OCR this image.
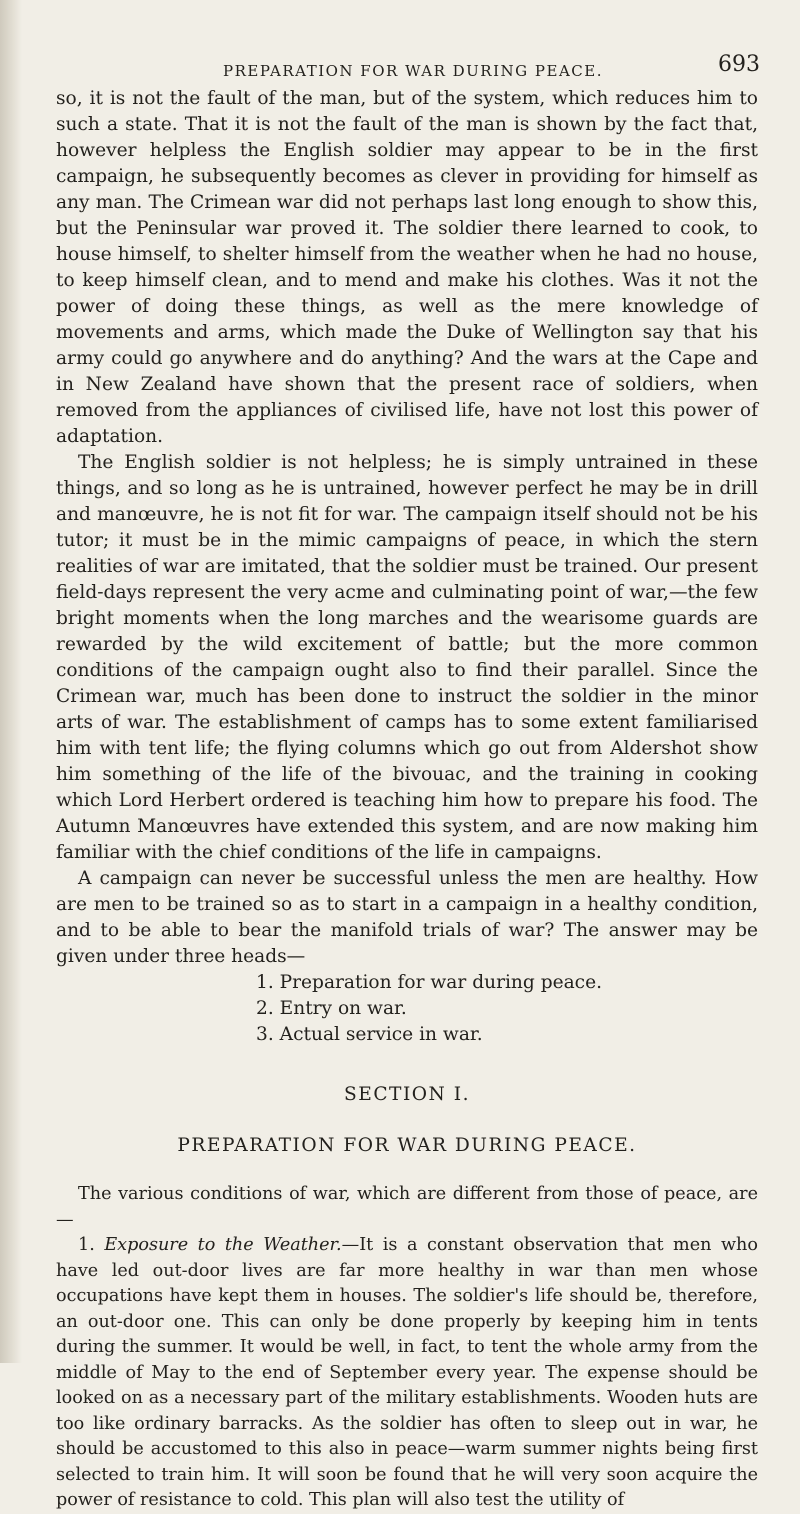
PREPARATION FOR WAR DURING PEACE.	693

so, it is not the fault of the man, but of the system, which reduces him to such a state. That it is not the fault of the man is shown by the fact that, however helpless the English soldier may appear to be in the first campaign, he subsequently becomes as clever in providing for himself as any man. The Crimean war did not perhaps last long enough to show this, but the Peninsular war proved it. The soldier there learned to cook, to house himself, to shelter himself from the weather when he had no house, to keep himself clean, and to mend and make his clothes. Was it not the power of doing these things, as well as the mere knowledge of movements and arms, which made the Duke of Wellington say that his army could go anywhere and do anything? And the wars at the Cape and in New Zealand have shown that the present race of soldiers, when removed from the appliances of civilised life, have not lost this power of adaptation.

The English soldier is not helpless; he is simply untrained in these things, and so long as he is untrained, however perfect he may be in drill and manœuvre, he is not fit for war. The campaign itself should not be his tutor; it must be in the mimic campaigns of peace, in which the stern realities of war are imitated, that the soldier must be trained. Our present field-days represent the very acme and culminating point of war,—the few bright moments when the long marches and the wearisome guards are rewarded by the wild excitement of battle; but the more common conditions of the campaign ought also to find their parallel. Since the Crimean war, much has been done to instruct the soldier in the minor arts of war. The establishment of camps has to some extent familiarised him with tent life; the flying columns which go out from Aldershot show him something of the life of the bivouac, and the training in cooking which Lord Herbert ordered is teaching him how to prepare his food. The Autumn Manœuvres have extended this system, and are now making him familiar with the chief conditions of the life in campaigns.

A campaign can never be successful unless the men are healthy. How are men to be trained so as to start in a campaign in a healthy condition, and to be able to bear the manifold trials of war? The answer may be given under three heads—

1. Preparation for war during peace.
2. Entry on war.
3. Actual service in war.
SECTION I.
PREPARATION FOR WAR DURING PEACE.

The various conditions of war, which are different from those of peace, are—

1. Exposure to the Weather.—It is a constant observation that men who have led out-door lives are far more healthy in war than men whose occupations have kept them in houses. The soldier's life should be, therefore, an out-door one. This can only be done properly by keeping him in tents during the summer. It would be well, in fact, to tent the whole army from the middle of May to the end of September every year. The expense should be looked on as a necessary part of the military establishments. Wooden huts are too like ordinary barracks. As the soldier has often to sleep out in war, he should be accustomed to this also in peace—warm summer nights being first selected to train him. It will soon be found that he will very soon acquire the power of resistance to cold. This plan will also test the utility of
